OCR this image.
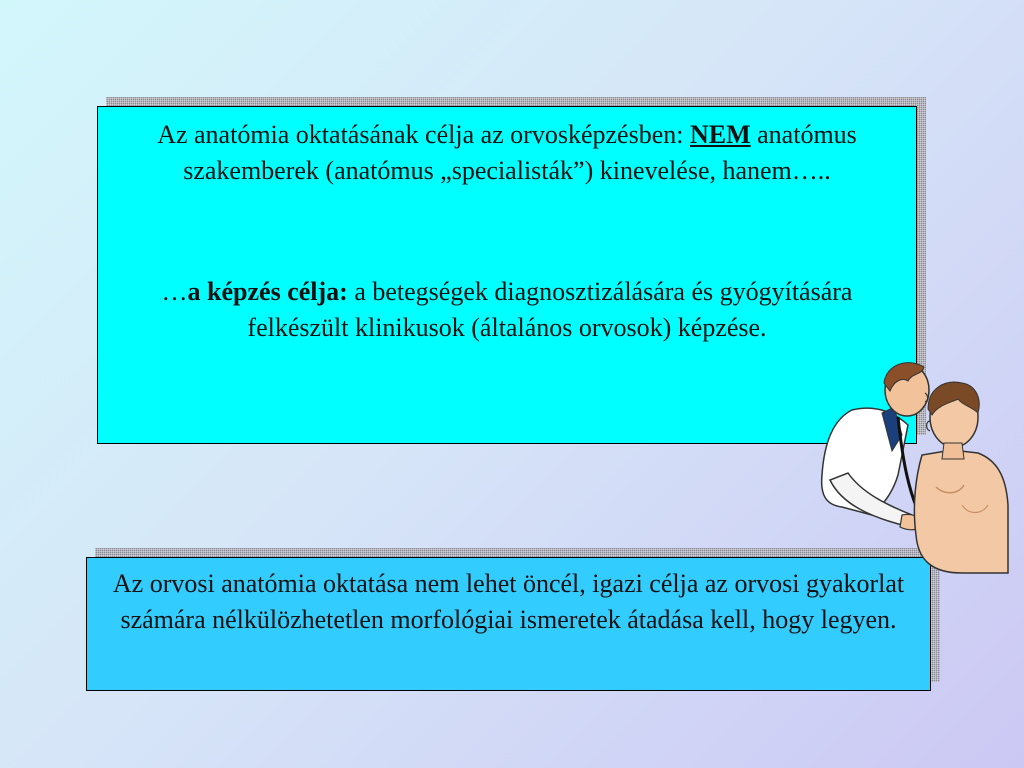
Az anatómia oktatásának célja az orvosképzésben: NEM anatómus szakemberek (anatómus „specialisták”) kinevelése, hanem…..

…a képzés célja: a betegségek diagnosztizálására és gyógyítására felkészült klinikusok (általános orvosok) képzése.

Az orvosi anatómia oktatása nem lehet öncél, igazi célja az orvosi gyakorlat számára nélkülözhetetlen morfológiai ismeretek átadása kell, hogy legyen.
